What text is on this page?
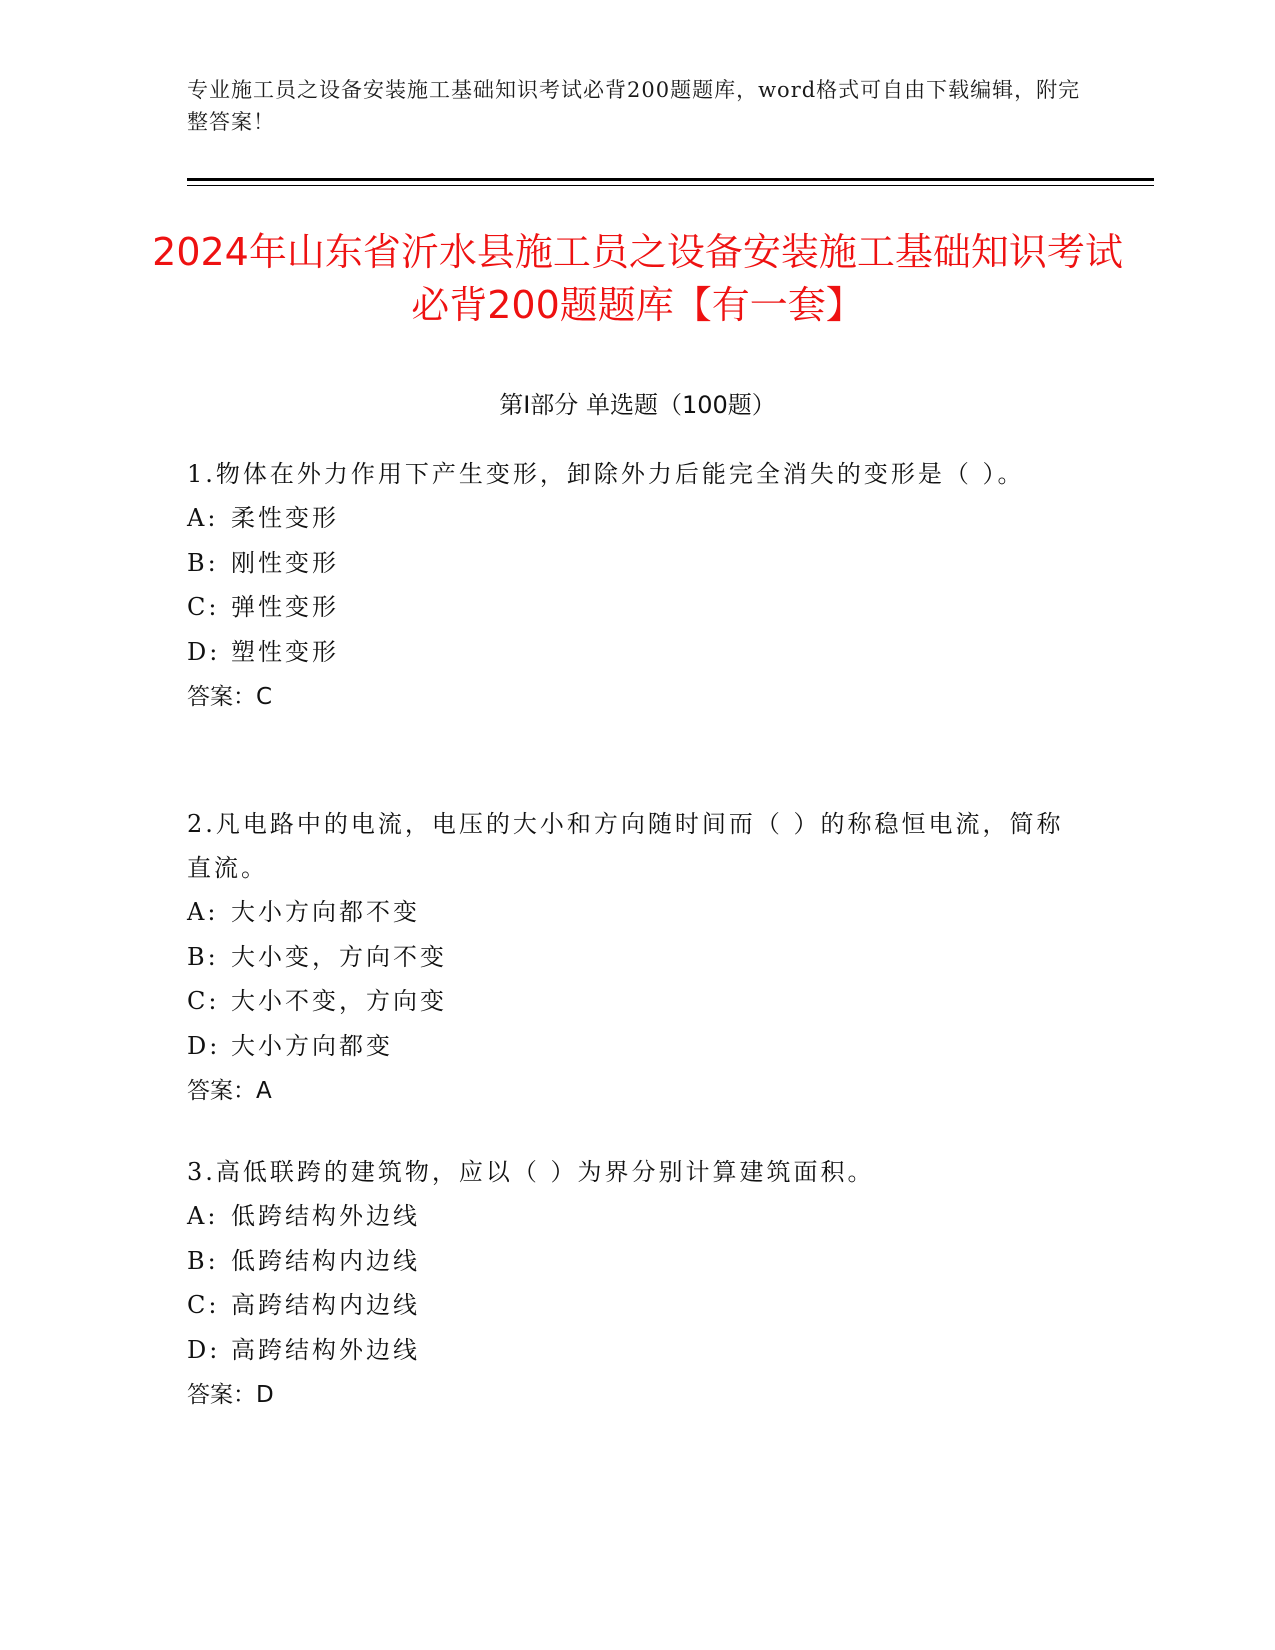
专业施工员之设备安装施工基础知识考试必背200题题库，word格式可自由下载编辑，附完整答案！
2024年山东省沂水县施工员之设备安装施工基础知识考试必背200题题库【有一套】
第Ⅰ部分 单选题（100题）

1.物体在外力作用下产生变形，卸除外力后能完全消失的变形是（ ）。

A: 柔性变形

B: 刚性变形

C: 弹性变形

D: 塑性变形

答案：C

2.凡电路中的电流，电压的大小和方向随时间而（ ）的称稳恒电流，简称直流。

A: 大小方向都不变

B: 大小变，方向不变

C: 大小不变，方向变

D: 大小方向都变

答案：A

3.高低联跨的建筑物，应以（ ）为界分别计算建筑面积。

A: 低跨结构外边线

B: 低跨结构内边线

C: 高跨结构内边线

D: 高跨结构外边线

答案：D
